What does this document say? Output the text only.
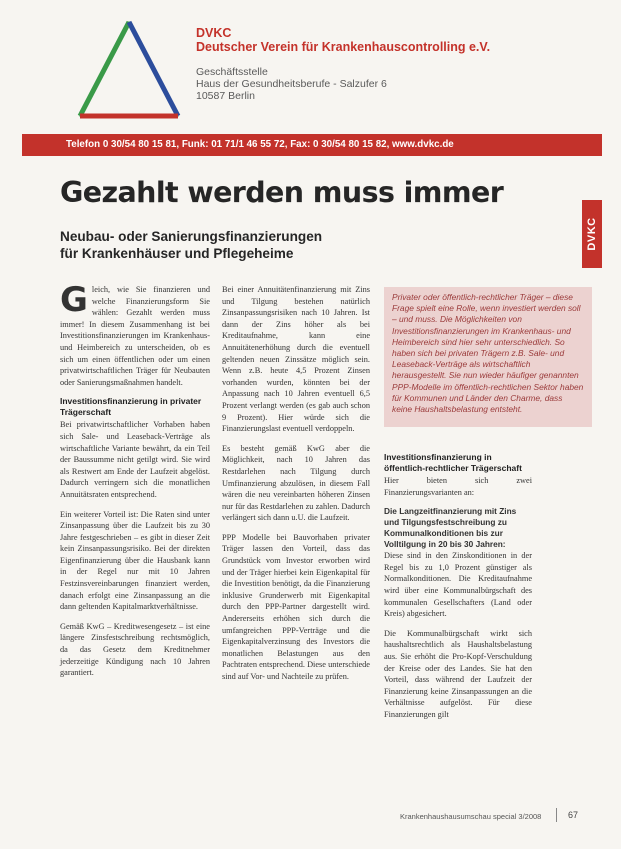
DVKC
Deutscher Verein für Krankenhauscontrolling e.V.
Geschäftsstelle
Haus der Gesundheitsberufe - Salzufer 6
10587 Berlin
Telefon 0 30/54 80 15 81, Funk: 01 71/1 46 55 72, Fax: 0 30/54 80 15 82, www.dvkc.de
Gezahlt werden muss immer
Neubau- oder Sanierungsfinanzierungen
für Krankenhäuser und Pflegeheime
DVKC

Gleich, wie Sie finanzieren und welche Finanzierungsform Sie wählen: Gezahlt werden muss immer! In diesem Zusammenhang ist bei Investitionsfinanzierungen im Krankenhaus- und Heimbereich zu unterscheiden, ob es sich um einen öffentlichen oder um einen privatwirtschaftlichen Träger für Neubauten oder Sanierungsmaßnahmen handelt.

Investitionsfinanzierung in privater Trägerschaft

Bei privatwirtschaftlicher Vorhaben haben sich Sale- und Leaseback-Verträge als wirtschaftliche Variante bewährt, da ein Teil der Baussumme nicht getilgt wird. Sie wird als Restwert am Ende der Laufzeit abgelöst. Dadurch verringern sich die monatlichen Annuitätsraten entsprechend.

Ein weiterer Vorteil ist: Die Raten sind unter Zinsanpassung über die Laufzeit bis zu 30 Jahre festgeschrieben – es gibt in dieser Zeit kein Zinsanpassungsrisiko. Bei der direkten Eigenfinanzierung über die Hausbank kann in der Regel nur mit 10 Jahren Festzinsvereinbarungen finanziert werden, danach erfolgt eine Zinsanpassung an die dann geltenden Kapitalmarktverhältnisse.

Gemäß KwG – Kreditwesengesetz – ist eine längere Zinsfestschreibung rechtsmöglich, da das Gesetz dem Kreditnehmer jederzeitige Kündigung nach 10 Jahren garantiert.

Bei einer Annuitätenfinanzierung mit Zins und Tilgung bestehen natürlich Zinsanpassungsrisiken nach 10 Jahren. Ist dann der Zins höher als bei Kreditaufnahme, kann eine Annuitätenerhöhung durch die eventuell geltenden neuen Zinssätze möglich sein. Wenn z.B. heute 4,5 Prozent Zinsen vorhanden wurden, könnten bei der Anpassung nach 10 Jahren eventuell 6,5 Prozent verlangt werden (es gab auch schon 9 Prozent). Hier würde sich die Finanzierungslast eventuell verdoppeln.

Es besteht gemäß KwG aber die Möglichkeit, nach 10 Jahren das Restdarlehen nach Tilgung durch Umfinanzierung abzulösen, in diesem Fall wären die neu vereinbarten höheren Zinsen nur für das Restdarlehen zu zahlen. Dadurch verlängert sich dann u.U. die Laufzeit.

PPP Modelle bei Bauvorhaben privater Träger lassen den Vorteil, dass das Grundstück vom Investor erworben wird und der Träger hierbei kein Eigenkapital für die Investition benötigt, da die Finanzierung inklusive Grunderwerb mit Eigenkapital durch den PPP-Partner dargestellt wird. Andererseits erhöhen sich durch die umfangreichen PPP-Verträge und die Eigenkapitalverzinsung des Investors die monatlichen Belastungen aus den Pachtraten entsprechend. Diese unterschiede sind auf Vor- und Nachteile zu prüfen.

Privater oder öffentlich-rechtlicher Träger – diese Frage spielt eine Rolle, wenn investiert werden soll – und muss. Die Möglichkeiten von Investitionsfinanzierungen im Krankenhaus- und Heimbereich sind hier sehr unterschiedlich. So haben sich bei privaten Trägern z.B. Sale- und Leaseback-Verträge als wirtschaftlich herausgestellt. Sie nun wieder häufiger genannten PPP-Modelle im öffentlich-rechtlichen Sektor haben für Kommunen und Länder den Charme, dass keine Haushaltsbelastung entsteht.
Investitionsfinanzierung in öffentlich-rechtlicher Trägerschaft

Hier bieten sich zwei Finanzierungsvarianten an:

Die Langzeitfinanzierung mit Zins und Tilgungsfestschreibung zu Kommunalkonditionen bis zur Volltilgung in 20 bis 30 Jahren:

Diese sind in den Zinskonditionen in der Regel bis zu 1,0 Prozent günstiger als Normalkonditionen. Die Kreditaufnahme wird über eine Kommunalbürgschaft des kommunalen Gesellschafters (Land oder Kreis) abgesichert.

Die Kommunalbürgschaft wirkt sich haushaltsrechtlich als Haushaltsbelastung aus. Sie erhöht die Pro-Kopf-Verschuldung der Kreise oder des Landes. Sie hat den Vorteil, dass während der Laufzeit der Finanzierung keine Zinsanpassungen an die Verhältnisse aufgelöst. Für diese Finanzierungen gilt

Krankenhaushausumschau special 3/2008	67
